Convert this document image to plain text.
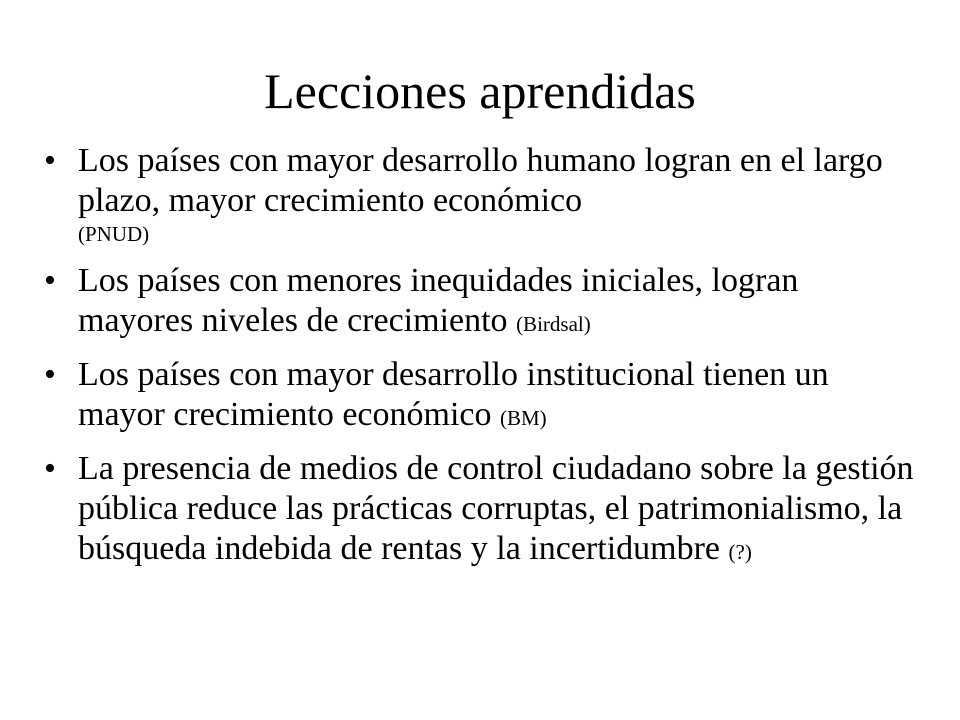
Lecciones aprendidas
• Los países con mayor desarrollo humano logran en el largo plazo, mayor crecimiento económico
(PNUD)
• Los países con menores inequidades iniciales, logran mayores niveles de crecimiento (Birdsal)
• Los países con mayor desarrollo institucional tienen un mayor crecimiento económico (BM)
• La presencia de medios de control ciudadano sobre la gestión pública reduce las prácticas corruptas, el patrimonialismo, la búsqueda indebida de rentas y la incertidumbre (?)
